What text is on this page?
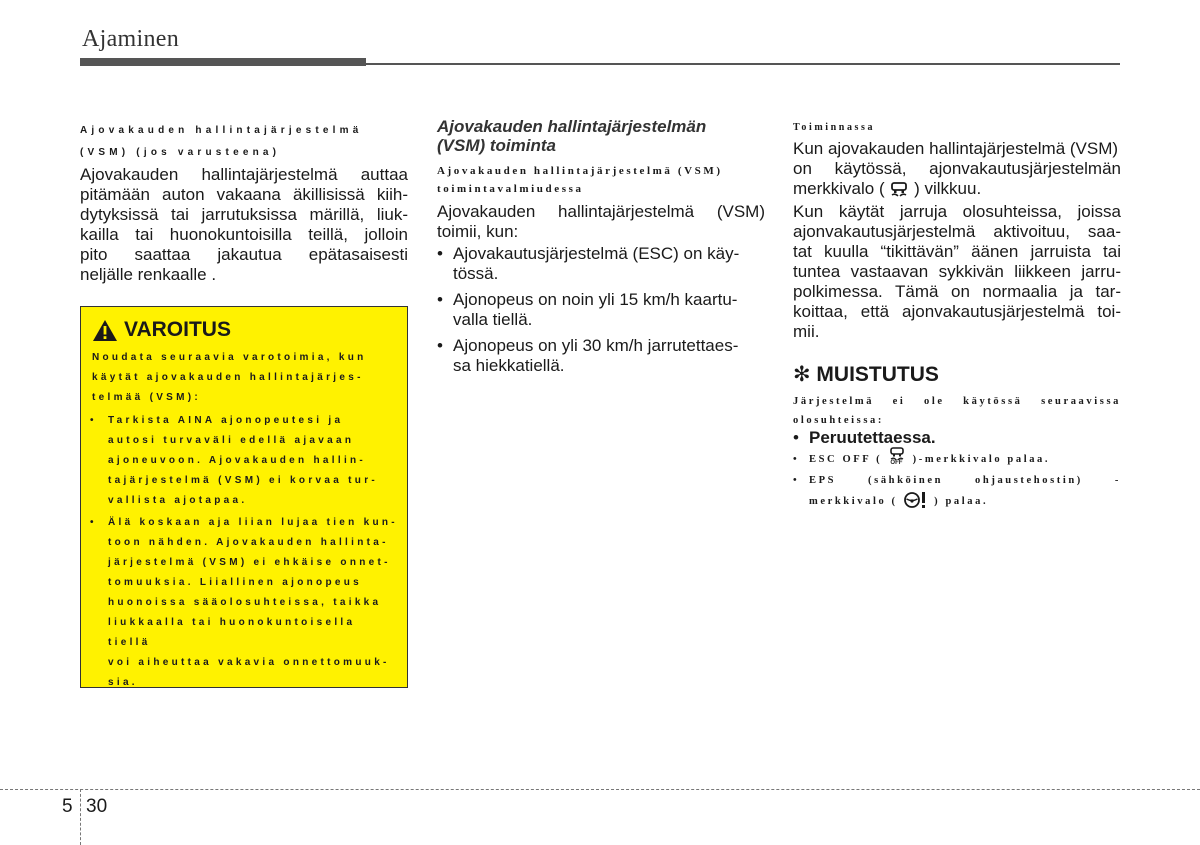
Ajaminen
Ajovakauden hallintajärjestelmä
(VSM) (jos varusteena)
Ajovakauden hallintajärjestelmä auttaa
pitämään auton vakaana äkillisissä kiih-
dytyksissä tai jarrutuksissa märillä, liuk-
kailla tai huonokuntoisilla teillä, jolloin
pito saattaa jakautua epätasaisesti
neljälle renkaalle .
VAROITUS
Noudata seuraavia varotoimia, kun
käytät ajovakauden hallintajärjes-
telmää (VSM):
• Tarkista AINA ajonopeutesi ja
autosi turvaväli edellä ajavaan
ajoneuvoon. Ajovakauden hallin-
tajärjestelmä (VSM) ei korvaa tur-
vallista ajotapaa.
• Älä koskaan aja liian lujaa tien kun-
toon nähden. Ajovakauden hallinta-
järjestelmä (VSM) ei ehkäise onnet-
tomuuksia. Liiallinen ajonopeus
huonoissa sääolosuhteissa, taikka
liukkaalla tai huonokuntoisella tiellä
voi aiheuttaa vakavia onnettomuuk-
sia.
Ajovakauden hallintajärjestelmän
(VSM) toiminta
Ajovakauden hallintajärjestelmä (VSM)
toimintavalmiudessa
Ajovakauden hallintajärjestelmä (VSM)
toimii, kun:
• Ajovakautusjärjestelmä (ESC) on käy-
tössä.
• Ajonopeus on noin yli 15 km/h kaartu-
valla tiellä.
• Ajonopeus on yli 30 km/h jarrutettaes-
sa hiekkatiellä.
Toiminnassa
Kun ajovakauden hallintajärjestelmä (VSM)
on käytössä, ajonvakautusjärjestelmän
merkkivalo ( ) vilkkuu.
Kun käytät jarruja olosuhteissa, joissa
ajonvakautusjärjestelmä aktivoituu, saa-
tat kuulla “tikittävän” äänen jarruista tai
tuntea vastaavan sykkivän liikkeen jarru-
polkimessa. Tämä on normaalia ja tar-
koittaa, että ajonvakautusjärjestelmä toi-
mii.
✻ MUISTUTUS
Järjestelmä ei ole käytössä seuraavissa
olosuhteissa:
• Peruutettaessa.
• ESC OFF ( OFF )-merkkivalo palaa.
• EPS (sähköinen ohjaustehostin) -
merkkivalo (	) palaa.
5 30
